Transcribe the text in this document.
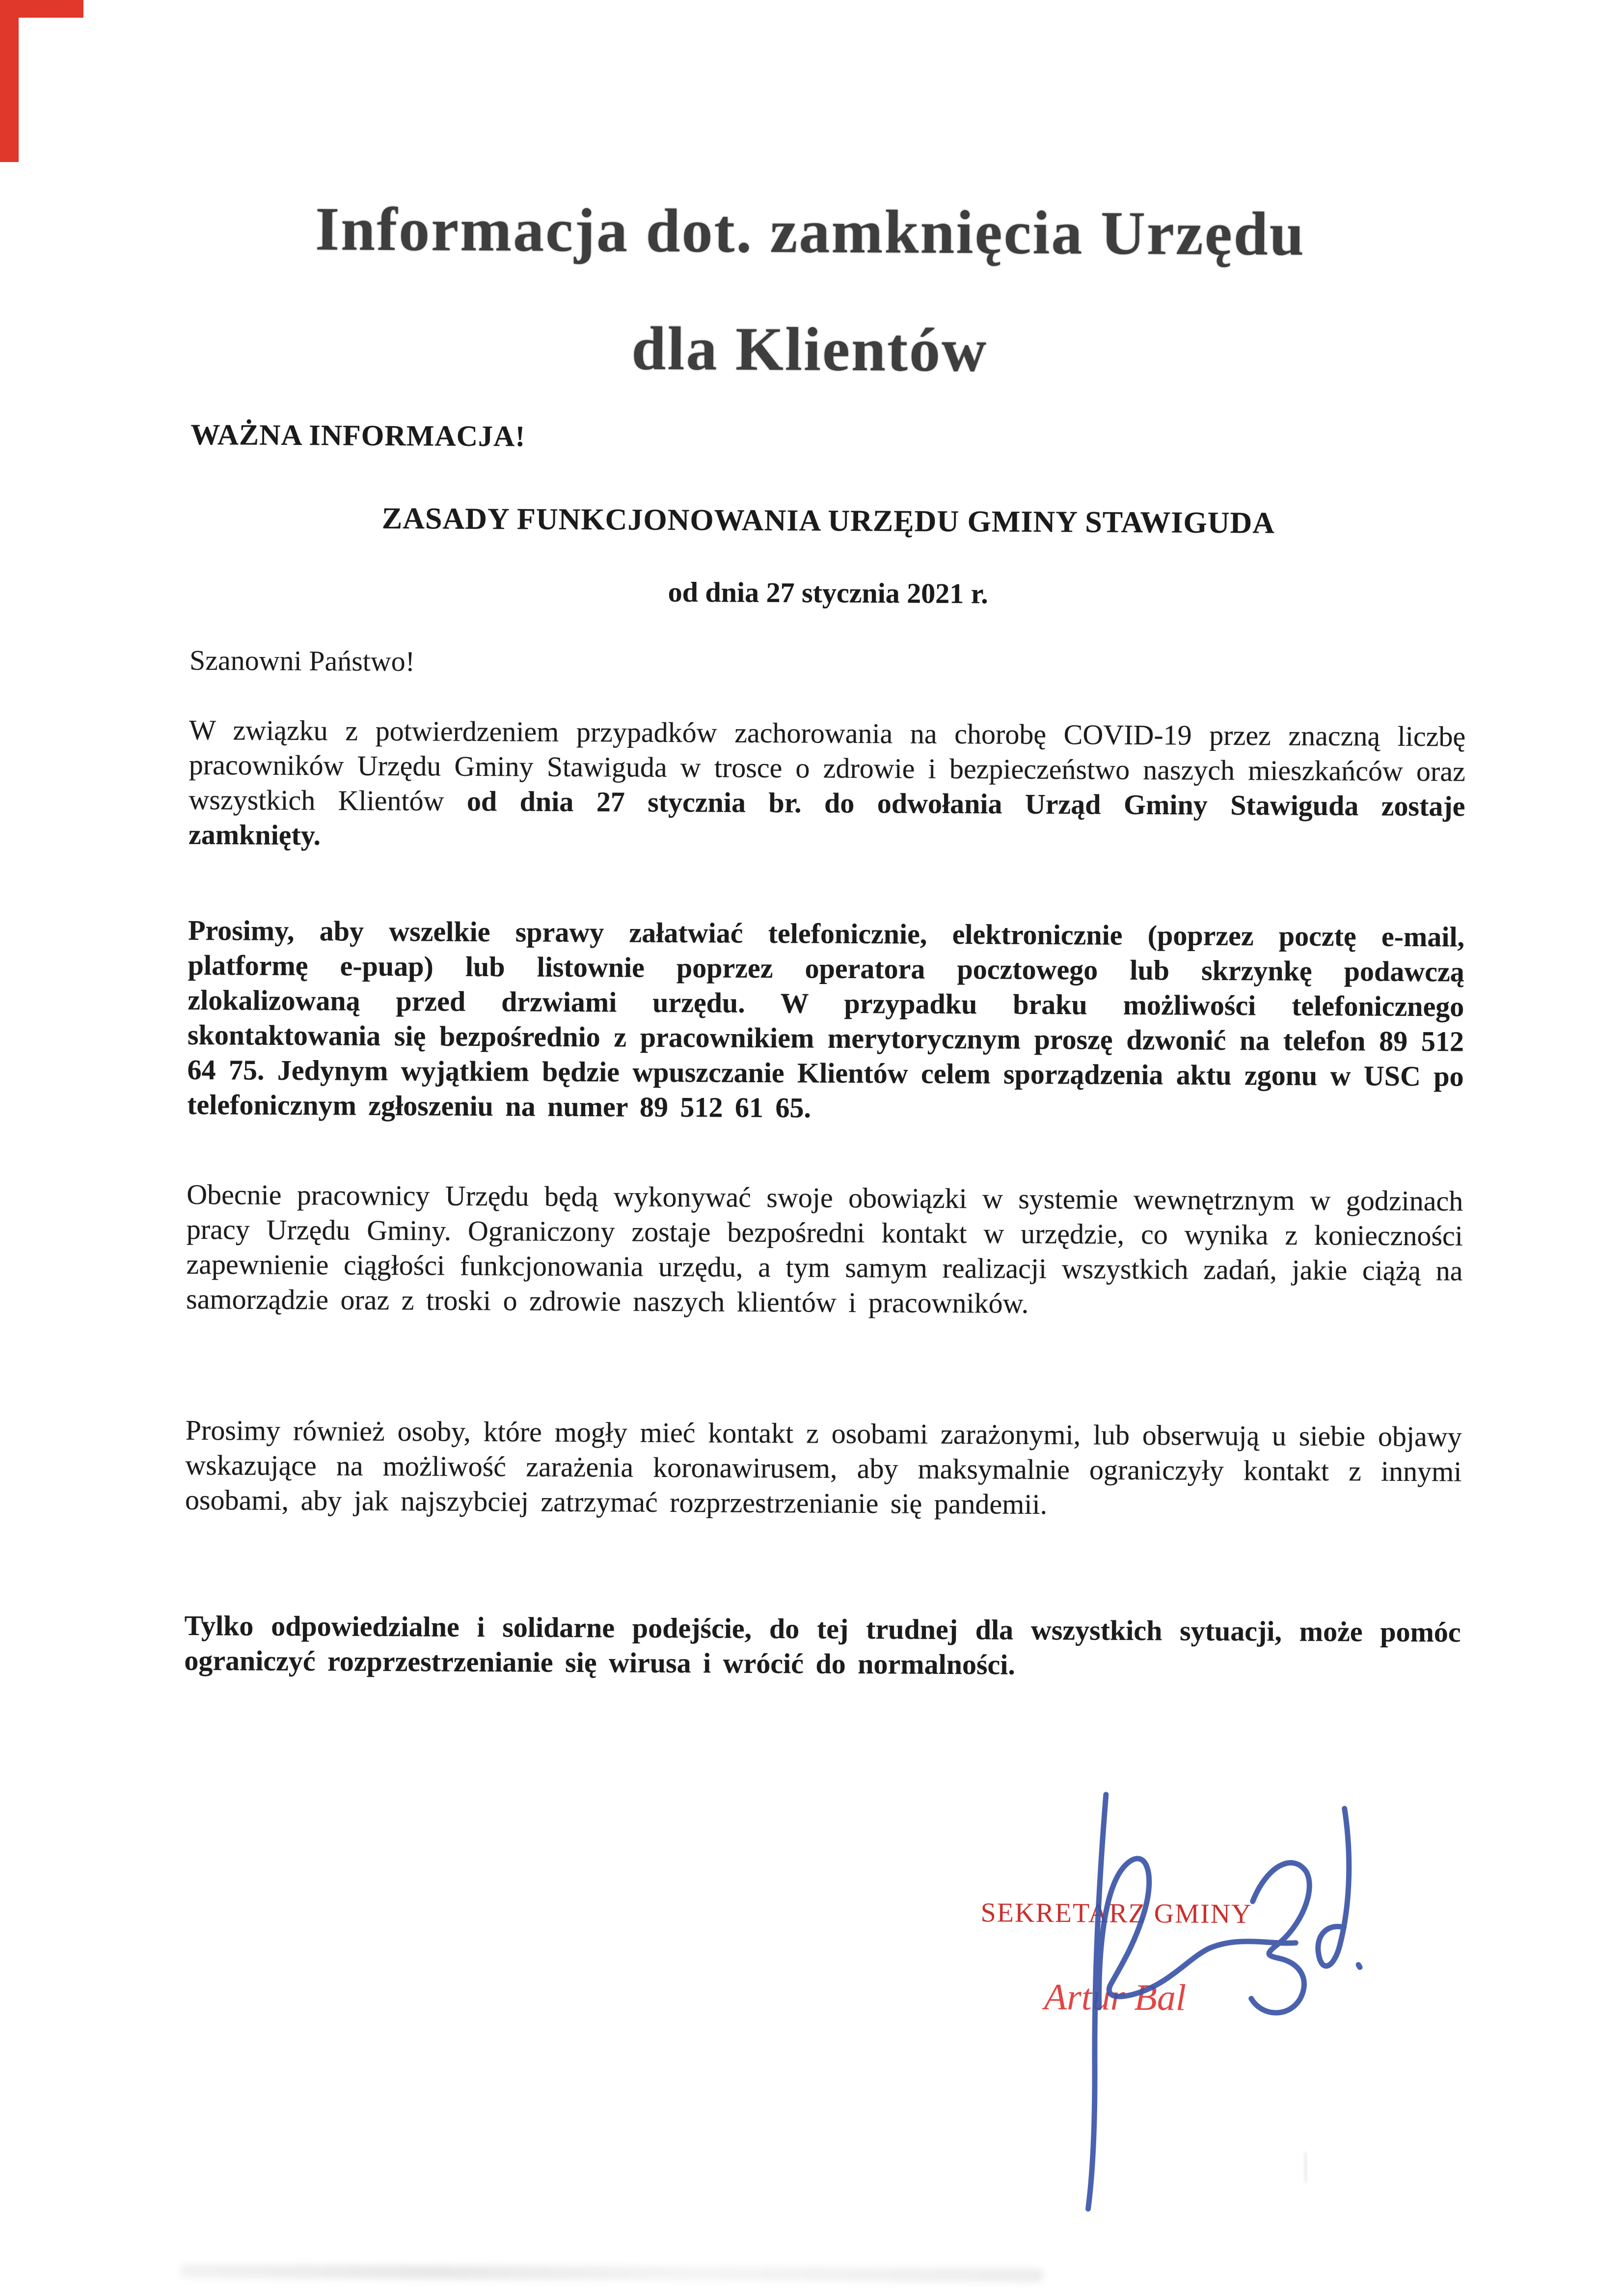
Informacja dot. zamknięcia Urzędu
dla Klientów
WAŻNA INFORMACJA!
ZASADY FUNKCJONOWANIA URZĘDU GMINY STAWIGUDA
od dnia 27 stycznia 2021 r.
Szanowni Państwo!

W związku z potwierdzeniem przypadków zachorowania na chorobę COVID-19 przez znaczną liczbę pracowników Urzędu Gminy Stawiguda w trosce o zdrowie i bezpieczeństwo naszych mieszkańców oraz wszystkich Klientów od dnia 27 stycznia br. do odwołania Urząd Gminy Stawiguda zostaje zamknięty.

Prosimy, aby wszelkie sprawy załatwiać telefonicznie, elektronicznie (poprzez pocztę e-mail, platformę e-puap) lub listownie poprzez operatora pocztowego lub skrzynkę podawczą zlokalizowaną przed drzwiami urzędu. W przypadku braku możliwości telefonicznego skontaktowania się bezpośrednio z pracownikiem merytorycznym proszę dzwonić na telefon 89 512 64 75. Jedynym wyjątkiem będzie wpuszczanie Klientów celem sporządzenia aktu zgonu w USC po telefonicznym zgłoszeniu na numer 89 512 61 65.

Obecnie pracownicy Urzędu będą wykonywać swoje obowiązki w systemie wewnętrznym w godzinach pracy Urzędu Gminy. Ograniczony zostaje bezpośredni kontakt w urzędzie, co wynika z konieczności zapewnienie ciągłości funkcjonowania urzędu, a tym samym realizacji wszystkich zadań, jakie ciążą na samorządzie oraz z troski o zdrowie naszych klientów i pracowników.

Prosimy również osoby, które mogły mieć kontakt z osobami zarażonymi, lub obserwują u siebie objawy wskazujące na możliwość zarażenia koronawirusem, aby maksymalnie ograniczyły kontakt z innymi osobami, aby jak najszybciej zatrzymać rozprzestrzenianie się pandemii.

Tylko odpowiedzialne i solidarne podejście, do tej trudnej dla wszystkich sytuacji, może pomóc ograniczyć rozprzestrzenianie się wirusa i wrócić do normalności.

SEKRETARZ GMINY
Artur Bal
